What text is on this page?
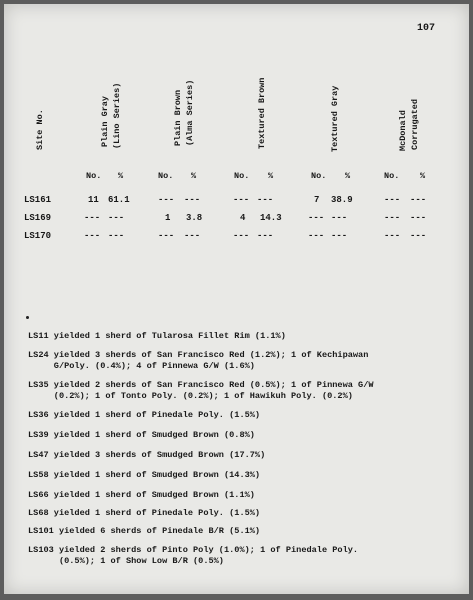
107
Site No.	Plain Gray (Lino Series)	Plain Brown (Alma Series)	Textured Brown	Textured Gray	McDonald Corrugated
No. %	No. %	No. %	No. %	No. %
LS161	11 61.1	--- ---	--- ---	7 38.9	--- ---
LS169	--- ---	1 3.8	4 14.3	--- ---	--- ---
LS170	--- ---	--- ---	--- ---	--- ---	--- ---
LS11 yielded 1 sherd of Tularosa Fillet Rim (1.1%)
LS24 yielded 3 sherds of San Francisco Red (1.2%); 1 of Kechipawan
G/Poly. (0.4%); 4 of Pinnewa G/W (1.6%)
LS35 yielded 2 sherds of San Francisco Red (0.5%); 1 of Pinnewa G/W
(0.2%); 1 of Tonto Poly. (0.2%); 1 of Hawikuh Poly. (0.2%)
LS36 yielded 1 sherd of Pinedale Poly. (1.5%)
LS39 yielded 1 sherd of Smudged Brown (0.8%)
LS47 yielded 3 sherds of Smudged Brown (17.7%)
LS58 yielded 1 sherd of Smudged Brown (14.3%)
LS66 yielded 1 sherd of Smudged Brown (1.1%)
LS68 yielded 1 sherd of Pinedale Poly. (1.5%)
LS101 yielded 6 sherds of Pinedale B/R (5.1%)
LS103 yielded 2 sherds of Pinto Poly (1.0%); 1 of Pinedale Poly.
(0.5%); 1 of Show Low B/R (0.5%)
